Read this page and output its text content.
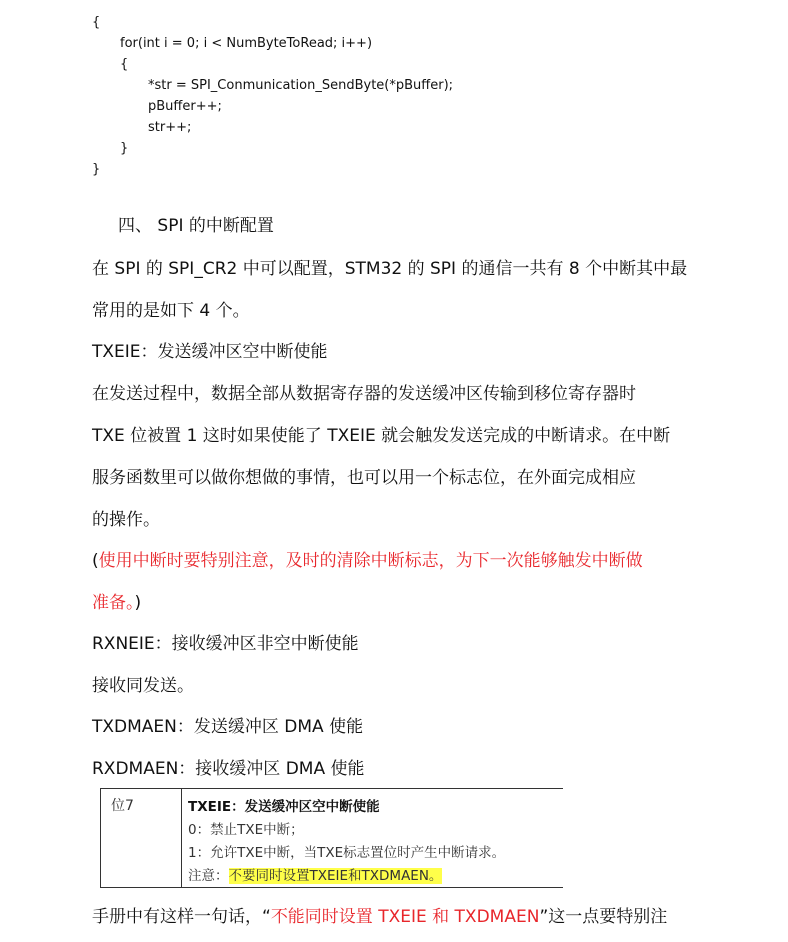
{

for(int i = 0; i < NumByteToRead; i++)

{

*str = SPI_Conmunication_SendByte(*pBuffer);

pBuffer++;

str++;

}

}

四、 SPI 的中断配置
在 SPI 的 SPI_CR2 中可以配置，STM32 的 SPI 的通信一共有 8 个中断其中最
常用的是如下 4 个。
TXEIE：发送缓冲区空中断使能
在发送过程中，数据全部从数据寄存器的发送缓冲区传输到移位寄存器时
TXE 位被置 1 这时如果使能了 TXEIE 就会触发发送完成的中断请求。在中断
服务函数里可以做你想做的事情，也可以用一个标志位，在外面完成相应
的操作。
(使用中断时要特别注意，及时的清除中断标志，为下一次能够触发中断做
准备。)
RXNEIE：接收缓冲区非空中断使能
接收同发送。
TXDMAEN：发送缓冲区 DMA 使能
RXDMAEN：接收缓冲区 DMA 使能
位7	TXEIE：发送缓冲区空中断使能
0：禁止TXE中断；
1：允许TXE中断，当TXE标志置位时产生中断请求。
注意：不要同时设置TXEIE和TXDMAEN。
手册中有这样一句话，“不能同时设置 TXEIE 和 TXDMAEN”这一点要特别注
